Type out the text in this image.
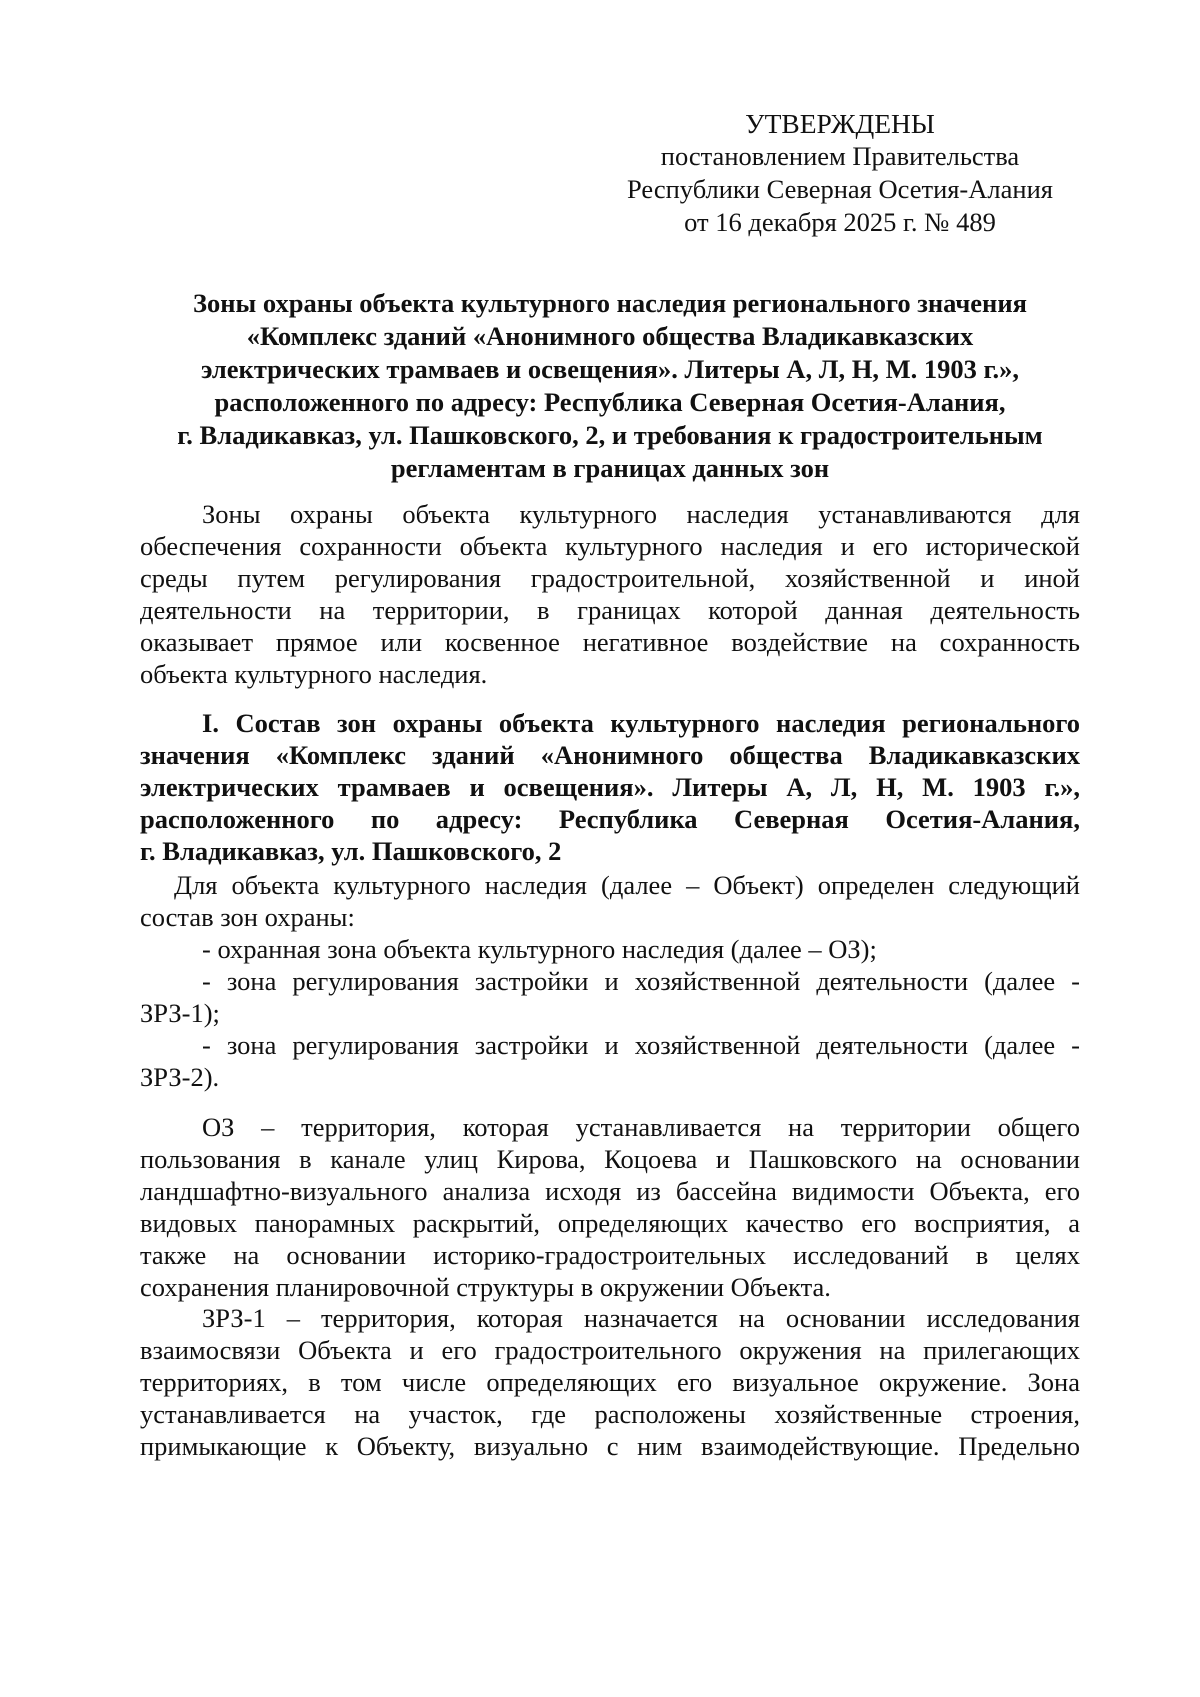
УТВЕРЖДЕНЫ
постановлением Правительства
Республики Северная Осетия-Алания
от 16 декабря 2025 г. № 489
Зоны охраны объекта культурного наследия регионального значения
«Комплекс зданий «Анонимного общества Владикавказских
электрических трамваев и освещения». Литеры А, Л, Н, М. 1903 г.»,
расположенного по адресу: Республика Северная Осетия-Алания,
г. Владикавказ, ул. Пашковского, 2, и требования к градостроительным
регламентам в границах данных зон
Зоны охраны объекта культурного наследия устанавливаются для
обеспечения сохранности объекта культурного наследия и его исторической
среды путем регулирования градостроительной, хозяйственной и иной
деятельности на территории, в границах которой данная деятельность
оказывает прямое или косвенное негативное воздействие на сохранность
объекта культурного наследия.
I. Состав зон охраны объекта культурного наследия регионального
значения «Комплекс зданий «Анонимного общества Владикавказских
электрических трамваев и освещения». Литеры А, Л, Н, М. 1903 г.»,
расположенного по адресу: Республика Северная Осетия-Алания,
г. Владикавказ, ул. Пашковского, 2
Для объекта культурного наследия (далее – Объект) определен следующий
состав зон охраны:
- охранная зона объекта культурного наследия (далее – ОЗ);
- зона регулирования застройки и хозяйственной деятельности (далее -
ЗРЗ-1);
- зона регулирования застройки и хозяйственной деятельности (далее -
ЗРЗ-2).
ОЗ – территория, которая устанавливается на территории общего
пользования в канале улиц Кирова, Коцоева и Пашковского на основании
ландшафтно-визуального анализа исходя из бассейна видимости Объекта, его
видовых панорамных раскрытий, определяющих качество его восприятия, а
также на основании историко-градостроительных исследований в целях
сохранения планировочной структуры в окружении Объекта.
ЗРЗ-1 – территория, которая назначается на основании исследования
взаимосвязи Объекта и его градостроительного окружения на прилегающих
территориях, в том числе определяющих его визуальное окружение. Зона
устанавливается на участок, где расположены хозяйственные строения,
примыкающие к Объекту, визуально с ним взаимодействующие. Предельно
